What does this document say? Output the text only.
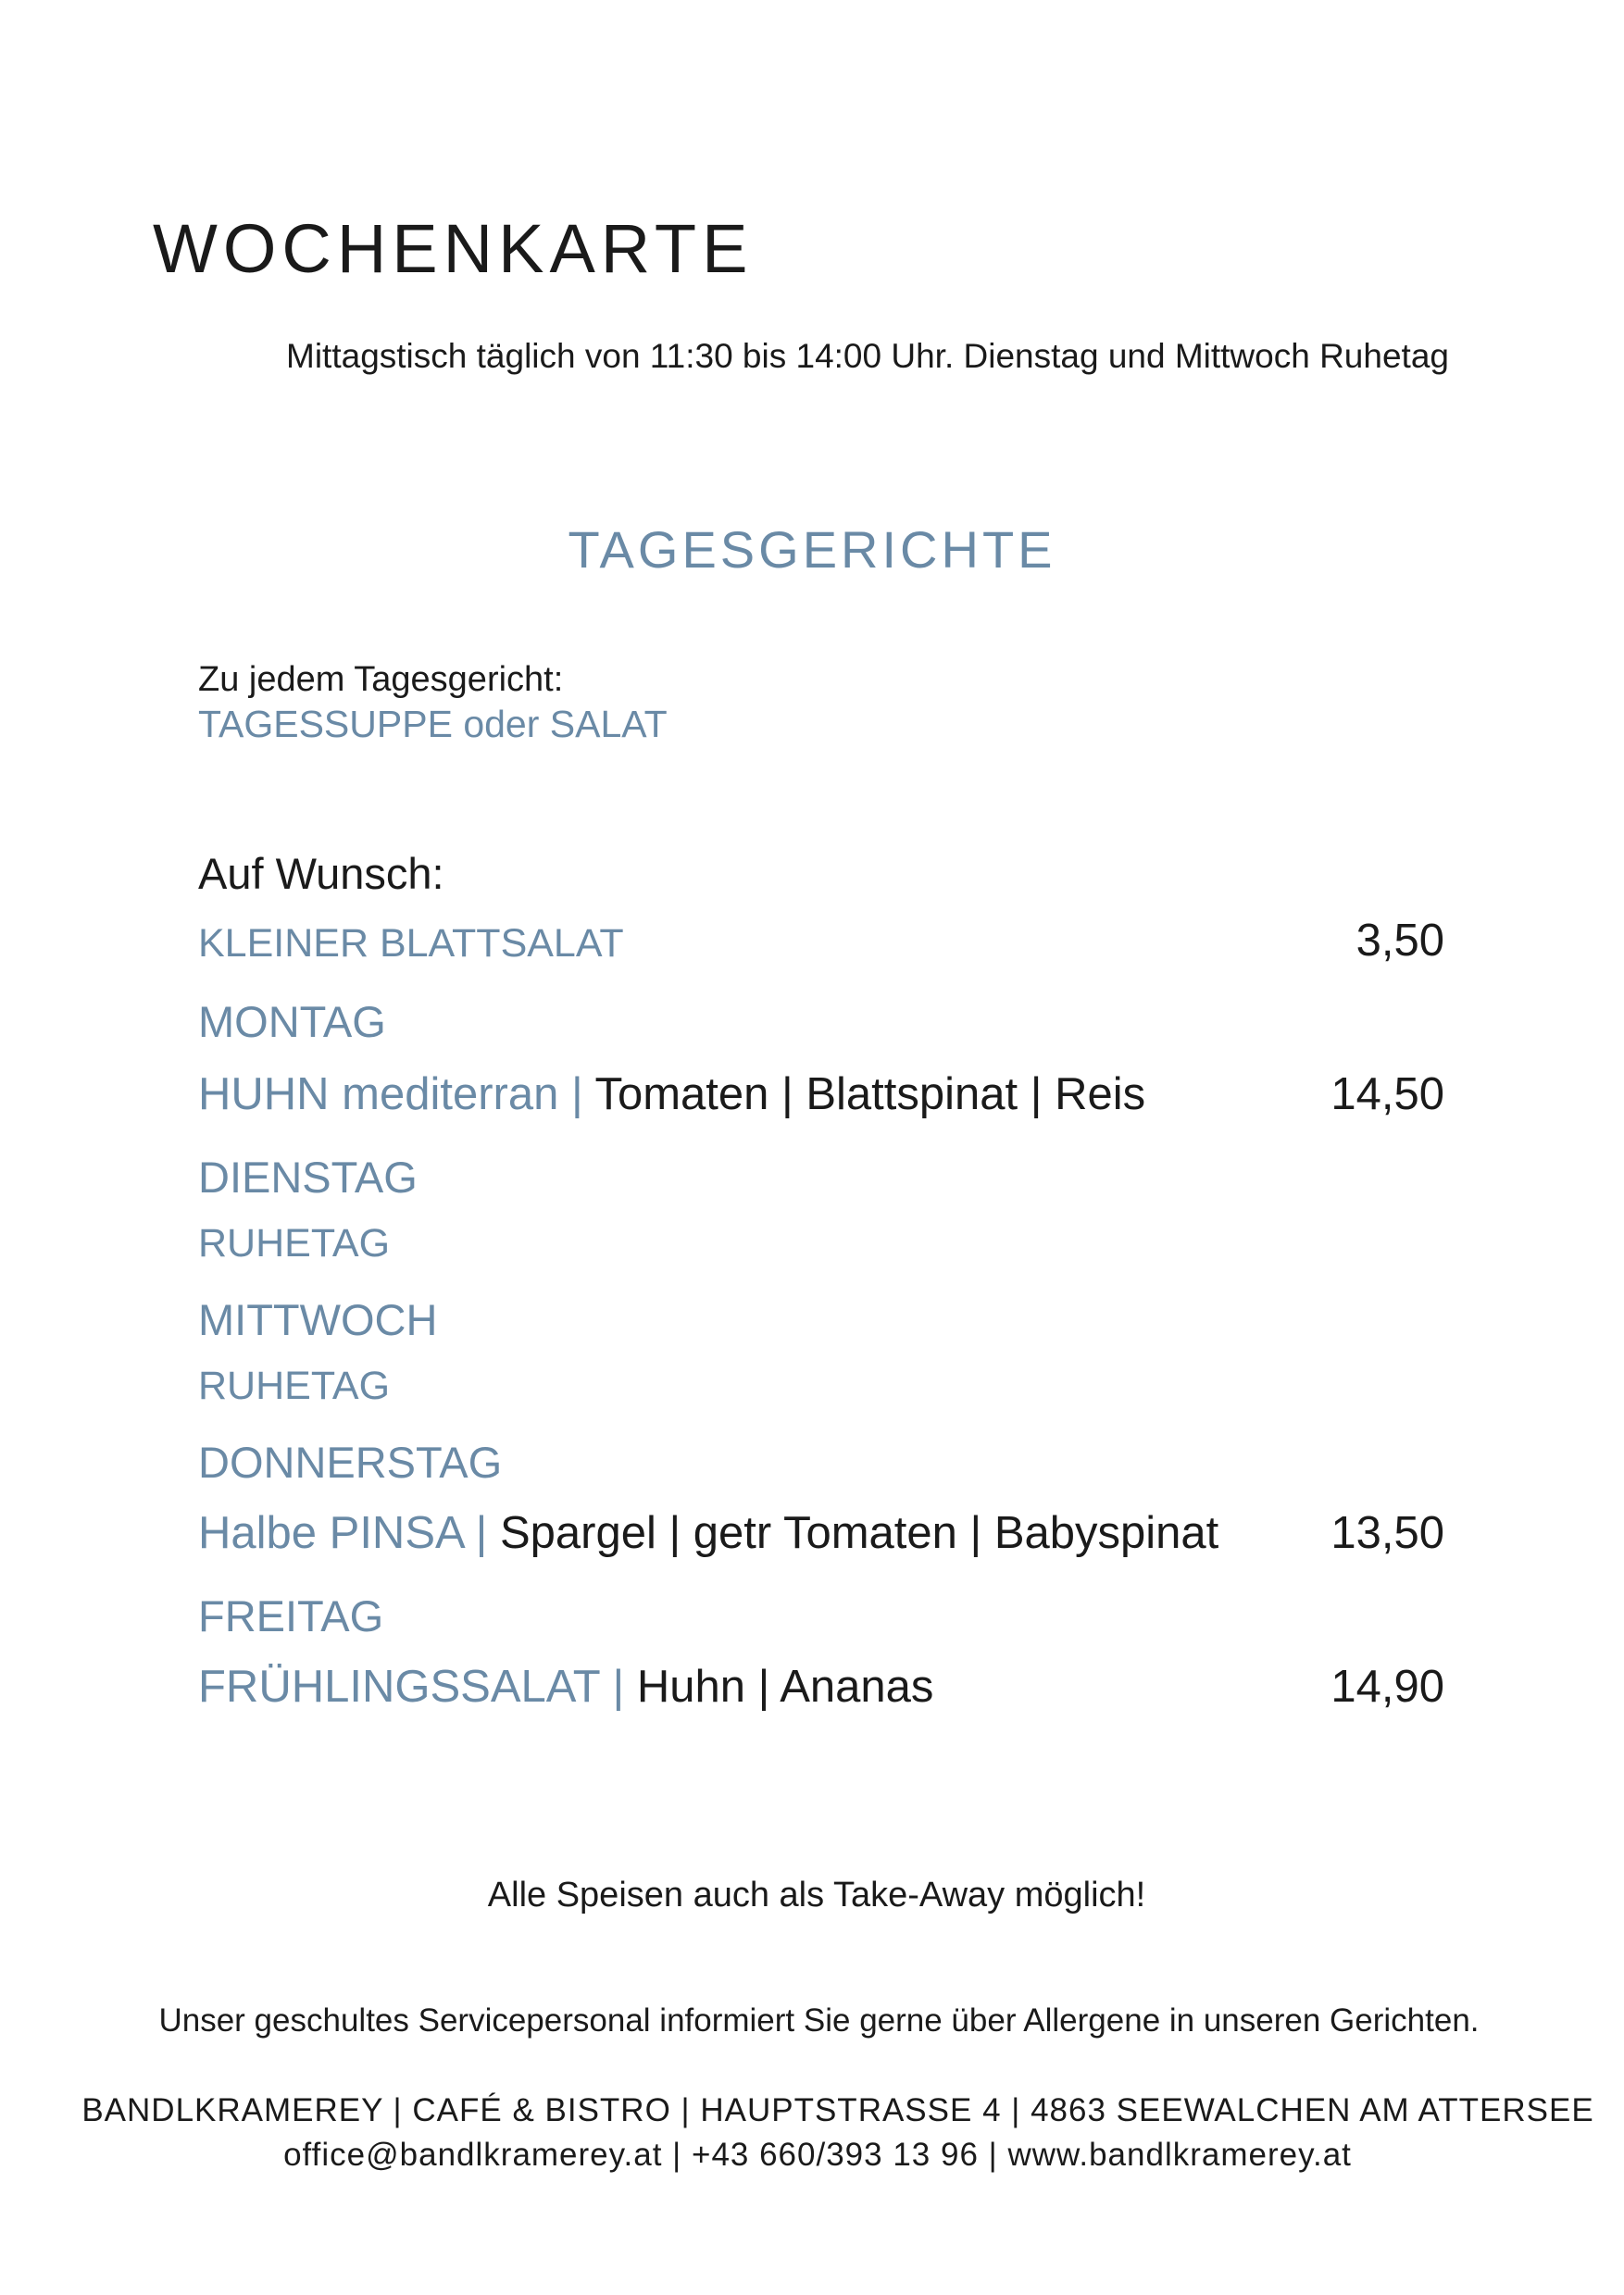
WOCHENKARTE
Mittagstisch täglich von 11:30 bis 14:00 Uhr. Dienstag und Mittwoch Ruhetag
TAGESGERICHTE
Zu jedem Tagesgericht:
TAGESSUPPE oder SALAT
Auf Wunsch:
KLEINER BLATTSALAT	3,50
MONTAG
HUHN mediterran | Tomaten | Blattspinat | Reis	14,50
DIENSTAG
RUHETAG
MITTWOCH
RUHETAG
DONNERSTAG
Halbe PINSA | Spargel | getr Tomaten | Babyspinat 13,50
FREITAG
FRÜHLINGSSALAT | Huhn | Ananas	14,90
Alle Speisen auch als Take-Away möglich!
Unser geschultes Servicepersonal informiert Sie gerne über Allergene in unseren Gerichten.
BANDLKRAMEREY | CAFÉ & BISTRO | HAUPTSTRASSE 4 | 4863 SEEWALCHEN AM ATTERSEE
office@bandlkramerey.at | +43 660/393 13 96 | www.bandlkramerey.at
